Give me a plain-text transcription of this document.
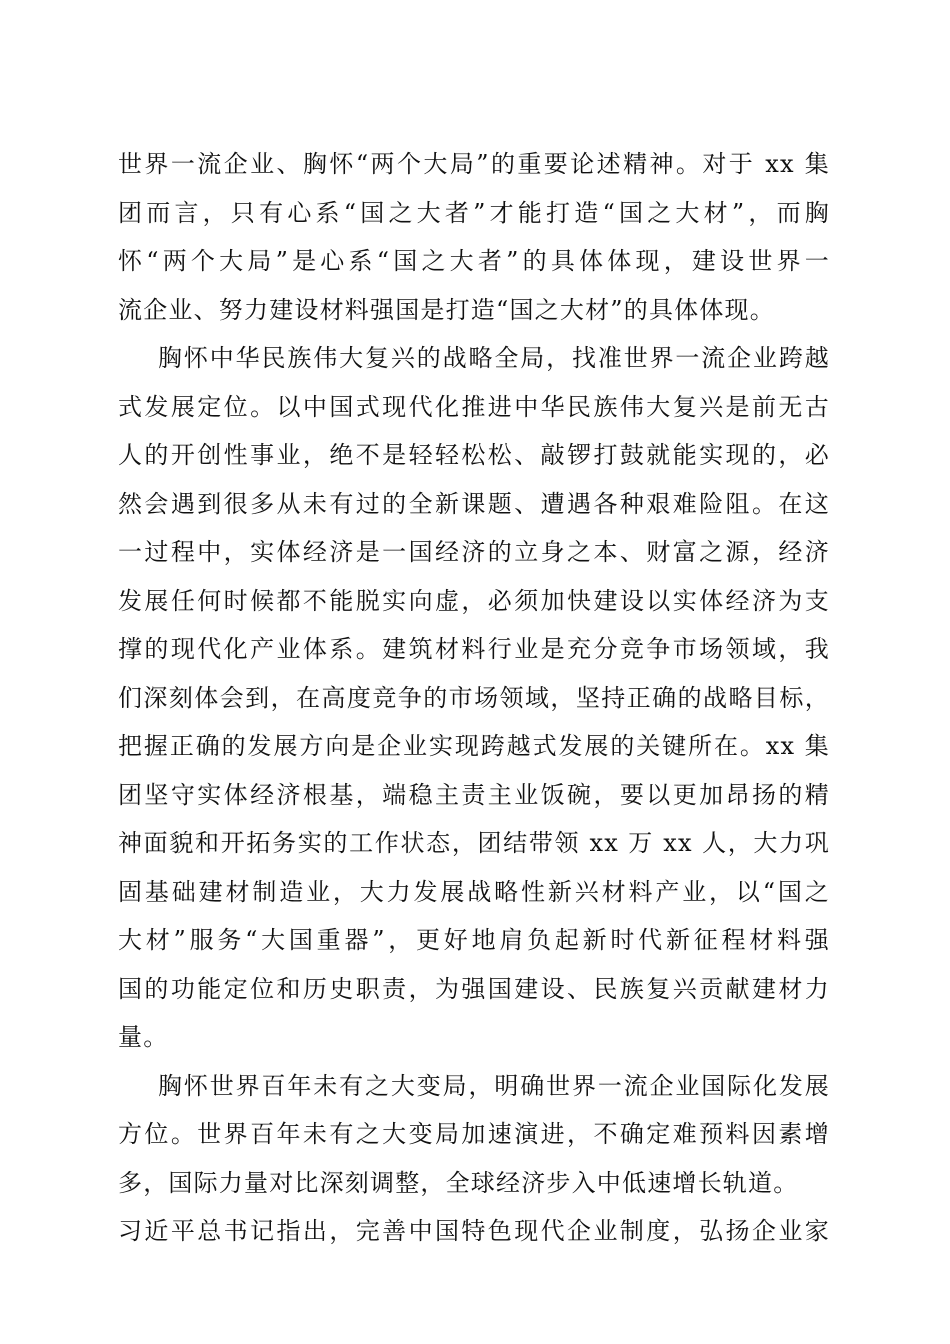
世界一流企业、胸怀“两个大局”的重要论述精神。对于 xx 集
团而言，只有心系“国之大者”才能打造“国之大材”，而胸
怀“两个大局”是心系“国之大者”的具体体现，建设世界一
流企业、努力建设材料强国是打造“国之大材”的具体体现。
胸怀中华民族伟大复兴的战略全局，找准世界一流企业跨越
式发展定位。以中国式现代化推进中华民族伟大复兴是前无古
人的开创性事业，绝不是轻轻松松、敲锣打鼓就能实现的，必
然会遇到很多从未有过的全新课题、遭遇各种艰难险阻。在这
一过程中，实体经济是一国经济的立身之本、财富之源，经济
发展任何时候都不能脱实向虚，必须加快建设以实体经济为支
撑的现代化产业体系。建筑材料行业是充分竞争市场领域，我
们深刻体会到，在高度竞争的市场领域，坚持正确的战略目标，
把握正确的发展方向是企业实现跨越式发展的关键所在。xx 集
团坚守实体经济根基，端稳主责主业饭碗，要以更加昂扬的精
神面貌和开拓务实的工作状态，团结带领 xx 万 xx 人，大力巩
固基础建材制造业，大力发展战略性新兴材料产业，以“国之
大材”服务“大国重器”，更好地肩负起新时代新征程材料强
国的功能定位和历史职责，为强国建设、民族复兴贡献建材力
量。
胸怀世界百年未有之大变局，明确世界一流企业国际化发展
方位。世界百年未有之大变局加速演进，不确定难预料因素增
多，国际力量对比深刻调整，全球经济步入中低速增长轨道。
习近平总书记指出，完善中国特色现代企业制度，弘扬企业家
